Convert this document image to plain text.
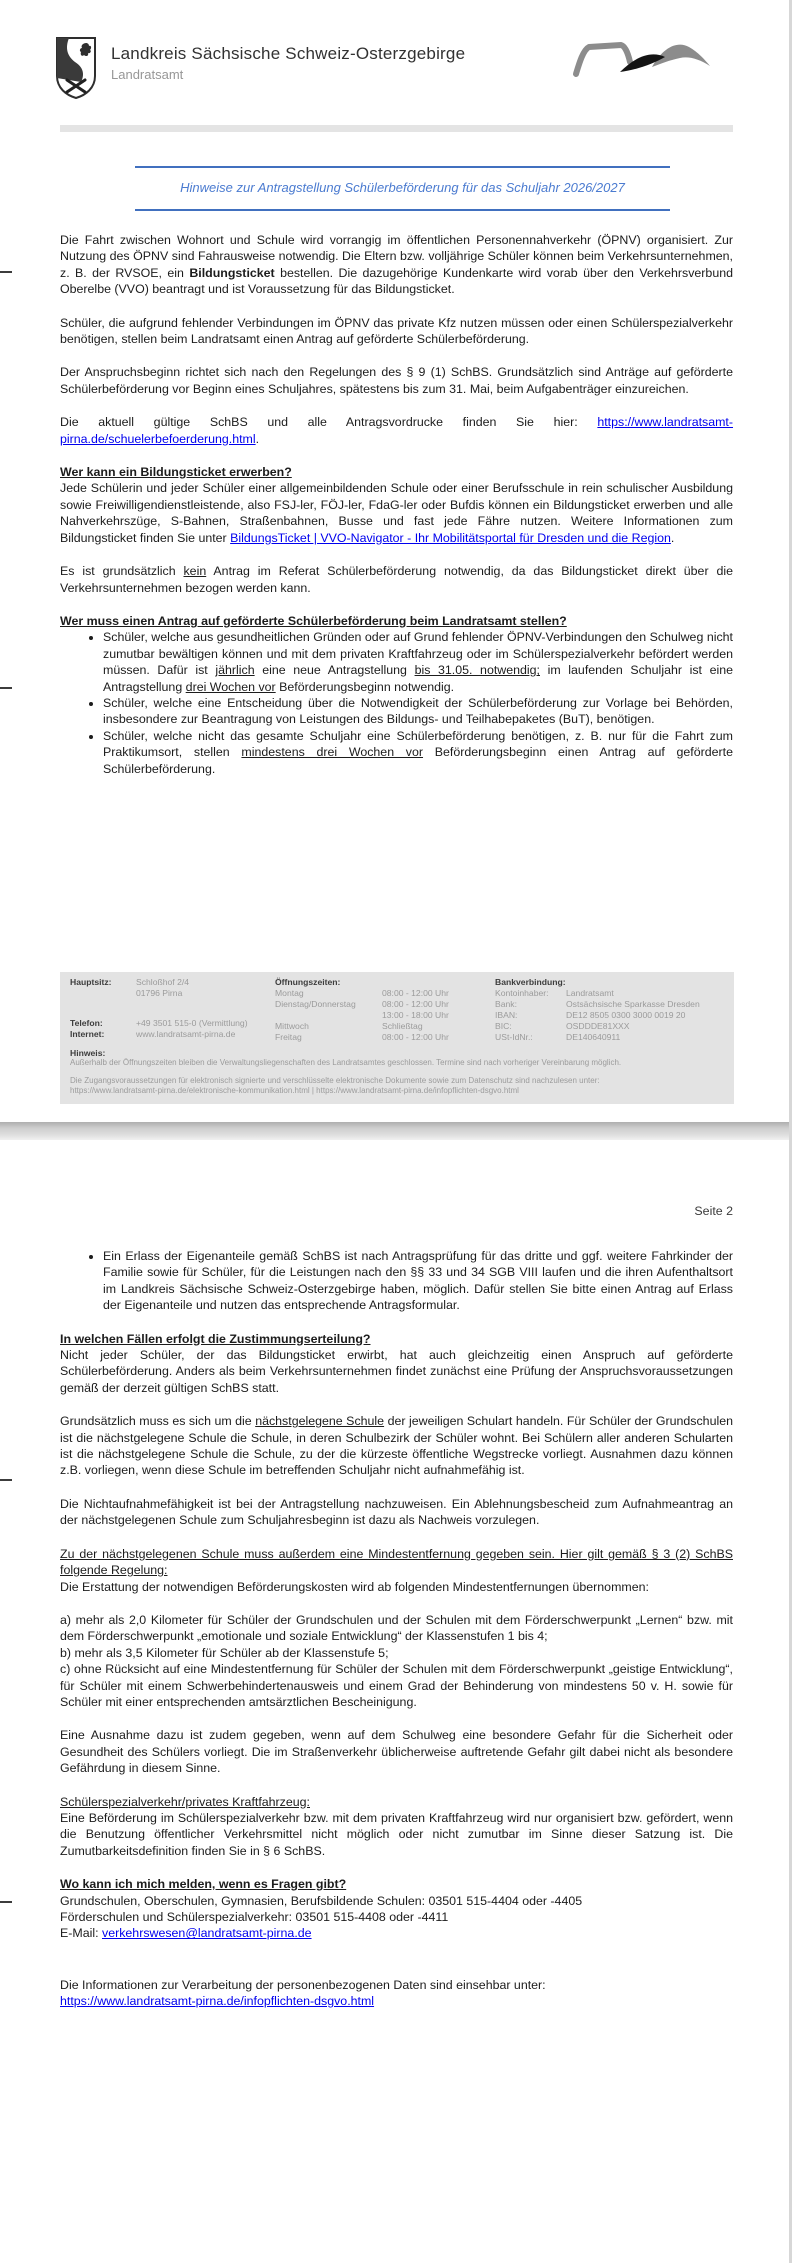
Landkreis Sächsische Schweiz-Osterzgebirge
Landratsamt
Hinweise zur Antragstellung Schülerbeförderung für das Schuljahr 2026/2027

Die Fahrt zwischen Wohnort und Schule wird vorrangig im öffentlichen Personennahverkehr (ÖPNV) organisiert. Zur Nutzung des ÖPNV sind Fahrausweise notwendig. Die Eltern bzw. volljährige Schüler können beim Verkehrsunternehmen, z. B. der RVSOE, ein Bildungsticket bestellen. Die dazugehörige Kundenkarte wird vorab über den Verkehrsverbund Oberelbe (VVO) beantragt und ist Voraussetzung für das Bildungsticket.

Schüler, die aufgrund fehlender Verbindungen im ÖPNV das private Kfz nutzen müssen oder einen Schülerspezialverkehr benötigen, stellen beim Landratsamt einen Antrag auf geförderte Schülerbeförderung.

Der Anspruchsbeginn richtet sich nach den Regelungen des § 9 (1) SchBS. Grundsätzlich sind Anträge auf geförderte Schülerbeförderung vor Beginn eines Schuljahres, spätestens bis zum 31. Mai, beim Aufgabenträger einzureichen.

Die aktuell gültige SchBS und alle Antragsvordrucke finden Sie hier: https://www.landratsamt-pirna.de/schuelerbefoerderung.html.

Wer kann ein Bildungsticket erwerben?

Jede Schülerin und jeder Schüler einer allgemeinbildenden Schule oder einer Berufsschule in rein schulischer Ausbildung sowie Freiwilligendienstleistende, also FSJ-ler, FÖJ-ler, FdaG-ler oder Bufdis können ein Bildungsticket erwerben und alle Nahverkehrszüge, S-Bahnen, Straßenbahnen, Busse und fast jede Fähre nutzen. Weitere Informationen zum Bildungsticket finden Sie unter BildungsTicket | VVO-Navigator - Ihr Mobilitätsportal für Dresden und die Region.

Es ist grundsätzlich kein Antrag im Referat Schülerbeförderung notwendig, da das Bildungsticket direkt über die Verkehrsunternehmen bezogen werden kann.

Wer muss einen Antrag auf geförderte Schülerbeförderung beim Landratsamt stellen?

• Schüler, welche aus gesundheitlichen Gründen oder auf Grund fehlender ÖPNV-Verbindungen den Schulweg nicht zumutbar bewältigen können und mit dem privaten Kraftfahrzeug oder im Schülerspezialverkehr befördert werden müssen. Dafür ist jährlich eine neue Antragstellung bis 31.05. notwendig; im laufenden Schuljahr ist eine Antragstellung drei Wochen vor Beförderungsbeginn notwendig.
• Schüler, welche eine Entscheidung über die Notwendigkeit der Schülerbeförderung zur Vorlage bei Behörden, insbesondere zur Beantragung von Leistungen des Bildungs- und Teilhabepaketes (BuT), benötigen.
• Schüler, welche nicht das gesamte Schuljahr eine Schülerbeförderung benötigen, z. B. nur für die Fahrt zum Praktikumsort, stellen mindestens drei Wochen vor Beförderungsbeginn einen Antrag auf geförderte Schülerbeförderung.
Hauptsitz:	Schloßhof 2/4
01796 Pirna
Telefon:	+49 3501 515-0 (Vermittlung)
Internet:	www.landratsamt-pirna.de
Öffnungszeiten:
Montag	08:00 - 12:00 Uhr
Dienstag/Donnerstag	08:00 - 12:00 Uhr
13:00 - 18:00 Uhr
Mittwoch	Schließtag
Freitag	08:00 - 12:00 Uhr
Bankverbindung:
Kontoinhaber: Landratsamt
Bank:	Ostsächsische Sparkasse Dresden
IBAN:	DE12 8505 0300 3000 0019 20
BIC:	OSDDDE81XXX
USt-IdNr.:	DE140640911
Hinweis:
Außerhalb der Öffnungszeiten bleiben die Verwaltungsliegenschaften des Landratsamtes geschlossen. Termine sind nach vorheriger Vereinbarung möglich.
Die Zugangsvoraussetzungen für elektronisch signierte und verschlüsselte elektronische Dokumente sowie zum Datenschutz sind nachzulesen unter:
https://www.landratsamt-pirna.de/elektronische-kommunikation.html | https://www.landratsamt-pirna.de/infopflichten-dsgvo.html
Seite 2
• Ein Erlass der Eigenanteile gemäß SchBS ist nach Antragsprüfung für das dritte und ggf. weitere Fahrkinder der Familie sowie für Schüler, für die Leistungen nach den §§ 33 und 34 SGB VIII laufen und die ihren Aufenthaltsort im Landkreis Sächsische Schweiz-Osterzgebirge haben, möglich. Dafür stellen Sie bitte einen Antrag auf Erlass der Eigenanteile und nutzen das entsprechende Antragsformular.

In welchen Fällen erfolgt die Zustimmungserteilung?

Nicht jeder Schüler, der das Bildungsticket erwirbt, hat auch gleichzeitig einen Anspruch auf geförderte Schülerbeförderung. Anders als beim Verkehrsunternehmen findet zunächst eine Prüfung der Anspruchsvoraussetzungen gemäß der derzeit gültigen SchBS statt.

Grundsätzlich muss es sich um die nächstgelegene Schule der jeweiligen Schulart handeln. Für Schüler der Grundschulen ist die nächstgelegene Schule die Schule, in deren Schulbezirk der Schüler wohnt. Bei Schülern aller anderen Schularten ist die nächstgelegene Schule die Schule, zu der die kürzeste öffentliche Wegstrecke vorliegt. Ausnahmen dazu können z.B. vorliegen, wenn diese Schule im betreffenden Schuljahr nicht aufnahmefähig ist.

Die Nichtaufnahmefähigkeit ist bei der Antragstellung nachzuweisen. Ein Ablehnungsbescheid zum Aufnahmeantrag an der nächstgelegenen Schule zum Schuljahresbeginn ist dazu als Nachweis vorzulegen.

Zu der nächstgelegenen Schule muss außerdem eine Mindestentfernung gegeben sein. Hier gilt gemäß § 3 (2) SchBS folgende Regelung:

Die Erstattung der notwendigen Beförderungskosten wird ab folgenden Mindestentfernungen übernommen:

a) mehr als 2,0 Kilometer für Schüler der Grundschulen und der Schulen mit dem Förderschwerpunkt „Lernen“ bzw. mit dem Förderschwerpunkt „emotionale und soziale Entwicklung“ der Klassenstufen 1 bis 4;

b) mehr als 3,5 Kilometer für Schüler ab der Klassenstufe 5;

c) ohne Rücksicht auf eine Mindestentfernung für Schüler der Schulen mit dem Förderschwerpunkt „geistige Entwicklung“, für Schüler mit einem Schwerbehindertenausweis und einem Grad der Behinderung von mindestens 50 v. H. sowie für Schüler mit einer entsprechenden amtsärztlichen Bescheinigung.

Eine Ausnahme dazu ist zudem gegeben, wenn auf dem Schulweg eine besondere Gefahr für die Sicherheit oder Gesundheit des Schülers vorliegt. Die im Straßenverkehr üblicherweise auftretende Gefahr gilt dabei nicht als besondere Gefährdung in diesem Sinne.

Schülerspezialverkehr/privates Kraftfahrzeug:

Eine Beförderung im Schülerspezialverkehr bzw. mit dem privaten Kraftfahrzeug wird nur organisiert bzw. gefördert, wenn die Benutzung öffentlicher Verkehrsmittel nicht möglich oder nicht zumutbar im Sinne dieser Satzung ist. Die Zumutbarkeitsdefinition finden Sie in § 6 SchBS.

Wo kann ich mich melden, wenn es Fragen gibt?

Grundschulen, Oberschulen, Gymnasien, Berufsbildende Schulen: 03501 515-4404 oder -4405

Förderschulen und Schülerspezialverkehr: 03501 515-4408 oder -4411

E-Mail: verkehrswesen@landratsamt-pirna.de

Die Informationen zur Verarbeitung der personenbezogenen Daten sind einsehbar unter:

https://www.landratsamt-pirna.de/infopflichten-dsgvo.html
